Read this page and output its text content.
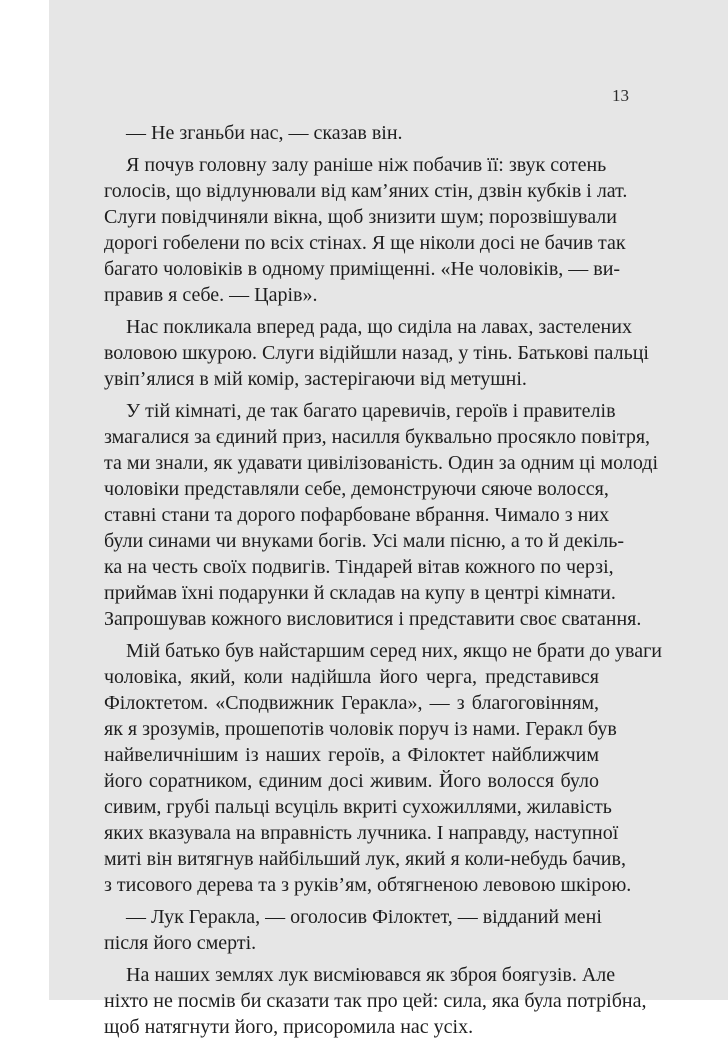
13
— Не зганьби нас, — сказав він.
Я почув головну залу раніше ніж побачив її: звук сотень
голосів, що відлунювали від кам’яних стін, дзвін кубків і лат.
Слуги повідчиняли вікна, щоб знизити шум; порозвішували
дорогі гобелени по всіх стінах. Я ще ніколи досі не бачив так
багато чоловіків в одному приміщенні. «Не чоловіків, — ви-
правив я себе. — Царів».
Нас покликала вперед рада, що сиділа на лавах, застелених
воловою шкурою. Слуги відійшли назад, у тінь. Батькові пальці
увіп’ялися в мій комір, застерігаючи від метушні.
У тій кімнаті, де так багато царевичів, героїв і правителів
змагалися за єдиний приз, насилля буквально просякло повітря,
та ми знали, як удавати цивілізованість. Один за одним ці молоді
чоловіки представляли себе, демонструючи сяюче волосся,
ставні стани та дорого пофарбоване вбрання. Чимало з них
були синами чи внуками богів. Усі мали пісню, а то й декіль-
ка на честь своїх подвигів. Тіндарей вітав кожного по черзі,
приймав їхні подарунки й складав на купу в центрі кімнати.
Запрошував кожного висловитися і представити своє сватання.
Мій батько був найстаршим серед них, якщо не брати до уваги
чоловіка, який, коли надійшла його черга, представився
Філоктетом. «Сподвижник Геракла», — з благоговінням,
як я зрозумів, прошепотів чоловік поруч із нами. Геракл був
найвеличнішим із наших героїв, а Філоктет найближчим
його соратником, єдиним досі живим. Його волосся було
сивим, грубі пальці всуціль вкриті сухожиллями, жилавість
яких вказувала на вправність лучника. І направду, наступної
миті він витягнув найбільший лук, який я коли-небудь бачив,
з тисового дерева та з руків’ям, обтягненою левовою шкірою.
— Лук Геракла, — оголосив Філоктет, — відданий мені
після його смерті.
На наших землях лук висміювався як зброя боягузів. Але
ніхто не посмів би сказати так про цей: сила, яка була потрібна,
щоб натягнути його, присоромила нас усіх.
